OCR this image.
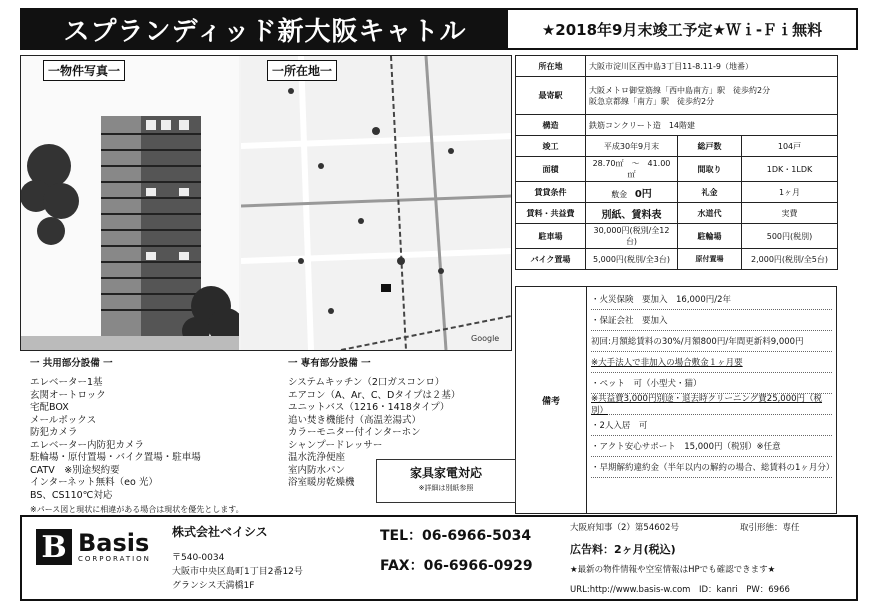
スプランディッド新大阪キャトル	★2018年9月末竣工予定★Ｗｉ-Ｆｉ無料
一物件写真一
Google
一所在地一	所在地	大阪市淀川区西中島3丁目11-8.11-9（地番）		
最寄駅	大阪メトロ御堂筋線「西中島南方」駅　徒歩約2分
阪急京都線「南方」駅　徒歩約2分		

構造	鉄筋コンクリート造　14階建		
竣工	平成30年9月末	総戸数	104戸
面積	28.70㎡　～　41.00㎡	間取り	1DK・1LDK
賃貸条件	敷金 0円	礼金	1ヶ月
賃料・共益費	別紙、賃料表	水道代	実費
駐車場	30,000円(税別/全12台)	駐輪場	500円(税別)
バイク置場	5,000円(税別/全3台)	原付置場	2,000円(税別/全5台)
備考
・火災保険　要加入　16,000円/2年
・保証会社　要加入
初回:月額総賃料の30%/月額800円/年間更新料9,000円
※大手法人で非加入の場合敷金１ヶ月要
・ペット　可（小型犬・猫）
※共益費3,000円別途・退去時クリーニング費25,000円（税別）
・2人入居　可
・アクト安心サポート　15,000円（税別）※任意
・早期解約違約金（半年以内の解約の場合、総賃料の1ヶ月分）
一 共用部分設備 一
エレベーター1基
玄関オートロック
宅配BOX
メールボックス
防犯カメラ
エレベーター内防犯カメラ
駐輪場・原付置場・バイク置場・駐車場
CATV　※別途契約要
インターネット無料（eo 光）
BS、CS110℃対応
一 専有部分設備 一
システムキッチン（2口ガスコンロ）
エアコン（A、Ar、C、Dタイプは２基）
ユニットバス（1216・1418タイプ）
追い焚き機能付（高温差湯式）
カラーモニター付インターホン
シャンプードレッサー
温水洗浄便座
室内防水パン
浴室暖房乾燥機
家具家電対応
※詳細は別紙参照
※パース図と現状に相違がある場合は現状を優先とします。
B Basis
CORPORATION
株式会社ベイシス
〒540-0034
大阪市中央区島町1丁目2番12号
グランシス天満橋1F
TEL：06-6966-5034
FAX：06-6966-0929
大阪府知事（2）第54602号	取引形態：専任
広告料：2ヶ月(税込)
★最新の物件情報や空室情報はHPでも確認できます★
URL:http://www.basis-w.com　ID：kanri　PW：6966
